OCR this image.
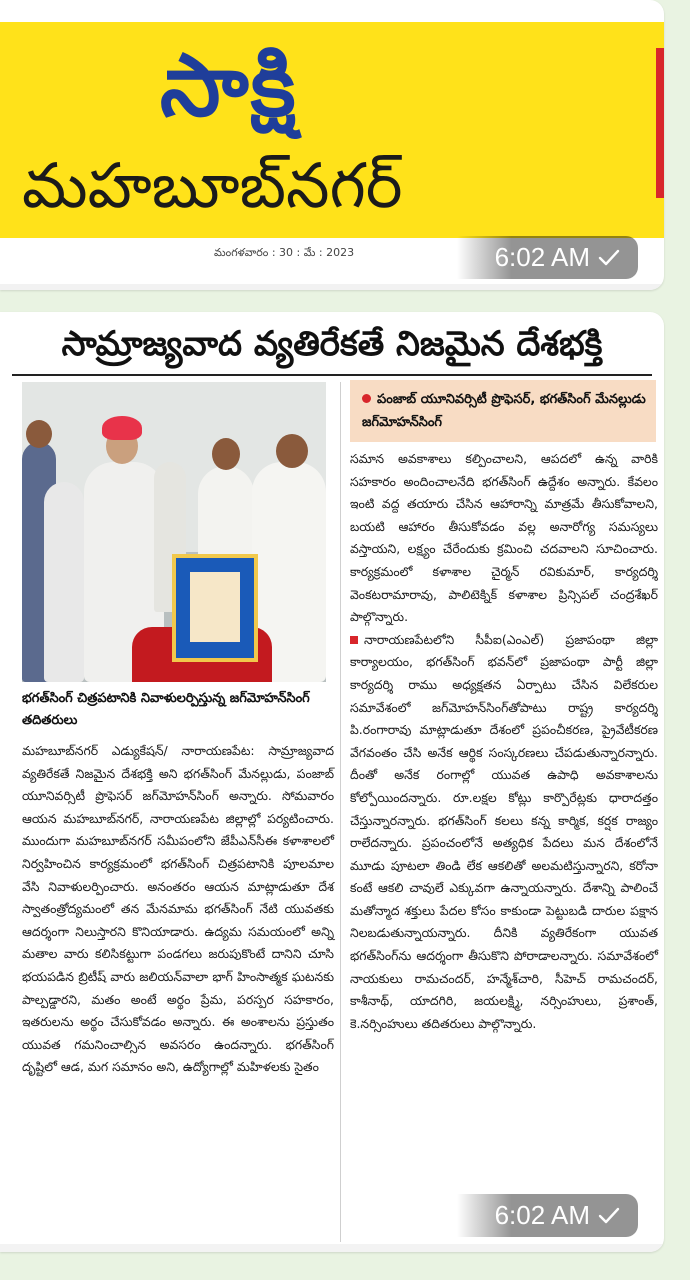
సాక్షి
మహబూబ్‌నగర్
మంగళవారం : 30 : మే : 2023	6:02 AM
సామ్రాజ్యవాద వ్యతిరేకతే నిజమైన దేశభక్తి
భగత్‌సింగ్ చిత్రపటానికి నివాళులర్పిస్తున్న జగ్‌మోహన్‌సింగ్ తదితరులు
పంజాబ్ యూనివర్సిటీ ప్రొఫెసర్, భగత్‌సింగ్ మేనల్లుడు జగ్‌మోహన్‌సింగ్

మహబూబ్‌నగర్ ఎడ్యుకేషన్/ నారాయణపేట: సామ్రాజ్యవాద వ్యతిరేకతే నిజమైన దేశభక్తి అని భగత్‌సింగ్ మేనల్లుడు, పంజాబ్ యూనివర్సిటీ ప్రొఫెసర్ జగ్‌మోహన్‌సింగ్ అన్నారు. సోమవారం ఆయన మహబూబ్‌నగర్, నారాయణపేట జిల్లాల్లో పర్యటించారు. ముందుగా మహబూబ్‌నగర్ సమీపంలోని జేపీఎన్‌సీఈ కళాశాలలో నిర్వహించిన కార్యక్రమంలో భగత్‌సింగ్ చిత్రపటానికి పూలమాల వేసి నివాళులర్పించారు. అనంతరం ఆయన మాట్లాడుతూ దేశ స్వాతంత్రోద్యమంలో తన మేనమామ భగత్‌సింగ్ నేటి యువతకు ఆదర్శంగా నిలుస్తారని కొనియాడారు. ఉద్యమ సమయంలో అన్ని మతాల వారు కలిసికట్టుగా పండగలు జరుపుకొంటే దానిని చూసి భయపడిన బ్రిటీష్ వారు జలియన్‌వాలా భాగ్ హింసాత్మక ఘటనకు పాల్పడ్డారని, మతం అంటే అర్థం ప్రేమ, పరస్పర సహకారం, ఇతరులను అర్థం చేసుకోవడం అన్నారు. ఈ అంశాలను ప్రస్తుతం యువత గమనించాల్సిన అవసరం ఉందన్నారు. భగత్‌సింగ్ దృష్టిలో ఆడ, మగ సమానం అని, ఉద్యోగాల్లో మహిళలకు సైతం

సమాన అవకాశాలు కల్పించాలని, ఆపదలో ఉన్న వారికి సహకారం అందించాలనేది భగత్‌సింగ్ ఉద్దేశం అన్నారు. కేవలం ఇంటి వద్ద తయారు చేసిన ఆహారాన్ని మాత్రమే తీసుకోవాలని, బయటి ఆహారం తీసుకోవడం వల్ల అనారోగ్య సమస్యలు వస్తాయని, లక్ష్యం చేరేందుకు క్రమించి చదవాలని సూచించారు. కార్యక్రమంలో కళాశాల చైర్మన్ రవికుమార్, కార్యదర్శి వెంకటరామారావు, పాలిటెక్నిక్ కళాశాల ప్రిన్సిపల్ చంద్రశేఖర్ పాల్గొన్నారు.

నారాయణపేటలోని సీపీఐ(ఎంఎల్) ప్రజాపంథా జిల్లా కార్యాలయం, భగత్‌సింగ్ భవన్‌లో ప్రజాపంథా పార్టీ జిల్లా కార్యదర్శి రాము అధ్యక్షతన ఏర్పాటు చేసిన విలేకరుల సమావేశంలో జగ్‌మోహన్‌సింగ్‌తోపాటు రాష్ట్ర కార్యదర్శి పి.రంగారావు మాట్లాడుతూ దేశంలో ప్రపంచీకరణ, ప్రైవేటీకరణ వేగవంతం చేసి అనేక ఆర్థిక సంస్కరణలు చేపడుతున్నారన్నారు. దీంతో అనేక రంగాల్లో యువత ఉపాధి అవకాశాలను కోల్పోయిందన్నారు. రూ.లక్షల కోట్లు కార్పొరేట్లకు ధారాదత్తం చేస్తున్నారన్నారు. భగత్‌సింగ్ కలలు కన్న కార్మిక, కర్షక రాజ్యం రాలేదన్నారు. ప్రపంచంలోనే అత్యధిక పేదలు మన దేశంలోనే మూడు పూటలా తిండి లేక ఆకలితో అలమటిస్తున్నారని, కరోనా కంటే ఆకలి చావులే ఎక్కువగా ఉన్నాయన్నారు. దేశాన్ని పాలించే మతోన్మాద శక్తులు పేదల కోసం కాకుండా పెట్టుబడి దారుల పక్షాన నిలబడుతున్నాయన్నారు. దీనికి వ్యతిరేకంగా యువత భగత్‌సింగ్‌ను ఆదర్శంగా తీసుకొని పోరాడాలన్నారు. సమావేశంలో నాయకులు రామచందర్, హన్మేశ్‌చారి, సీహెచ్ రామచందర్, కాశీనాథ్, యాదగిరి, జయలక్ష్మి, నర్సింహులు, ప్రశాంత్, కె.నర్సింహులు తదితరులు పాల్గొన్నారు.

6:02 AM
